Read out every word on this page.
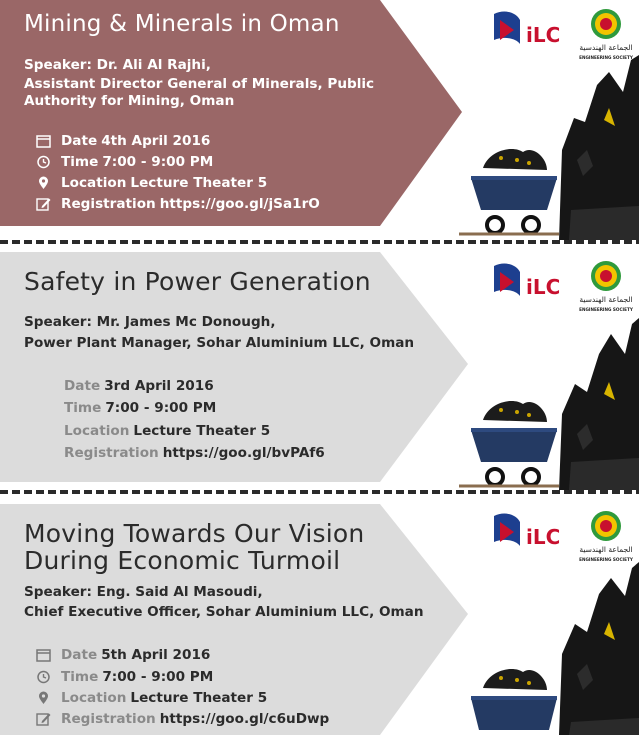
iLC
الجماعة الهندسية
ENGINEERING SOCIETY
Mining & Minerals in Oman
Speaker: Dr. Ali Al Rajhi,
Assistant Director General of Minerals, Public
Authority for Mining, Oman
Date 4th April 2016
Time 7:00 - 9:00 PM
Location Lecture Theater 5
Registration https://goo.gl/jSa1rO
iLC
الجماعة الهندسية
ENGINEERING SOCIETY
Safety in Power Generation
Speaker: Mr. James Mc Donough,
Power Plant Manager, Sohar Aluminium LLC, Oman
Date 3rd April 2016
Time 7:00 - 9:00 PM
Location Lecture Theater 5
Registration https://goo.gl/bvPAf6
iLC
الجماعة الهندسية
ENGINEERING SOCIETY
Moving Towards Our Vision
During Economic Turmoil
Speaker: Eng. Said Al Masoudi,
Chief Executive Officer, Sohar Aluminium LLC, Oman
Date 5th April 2016
Time 7:00 - 9:00 PM
Location Lecture Theater 5
Registration https://goo.gl/c6uDwp
